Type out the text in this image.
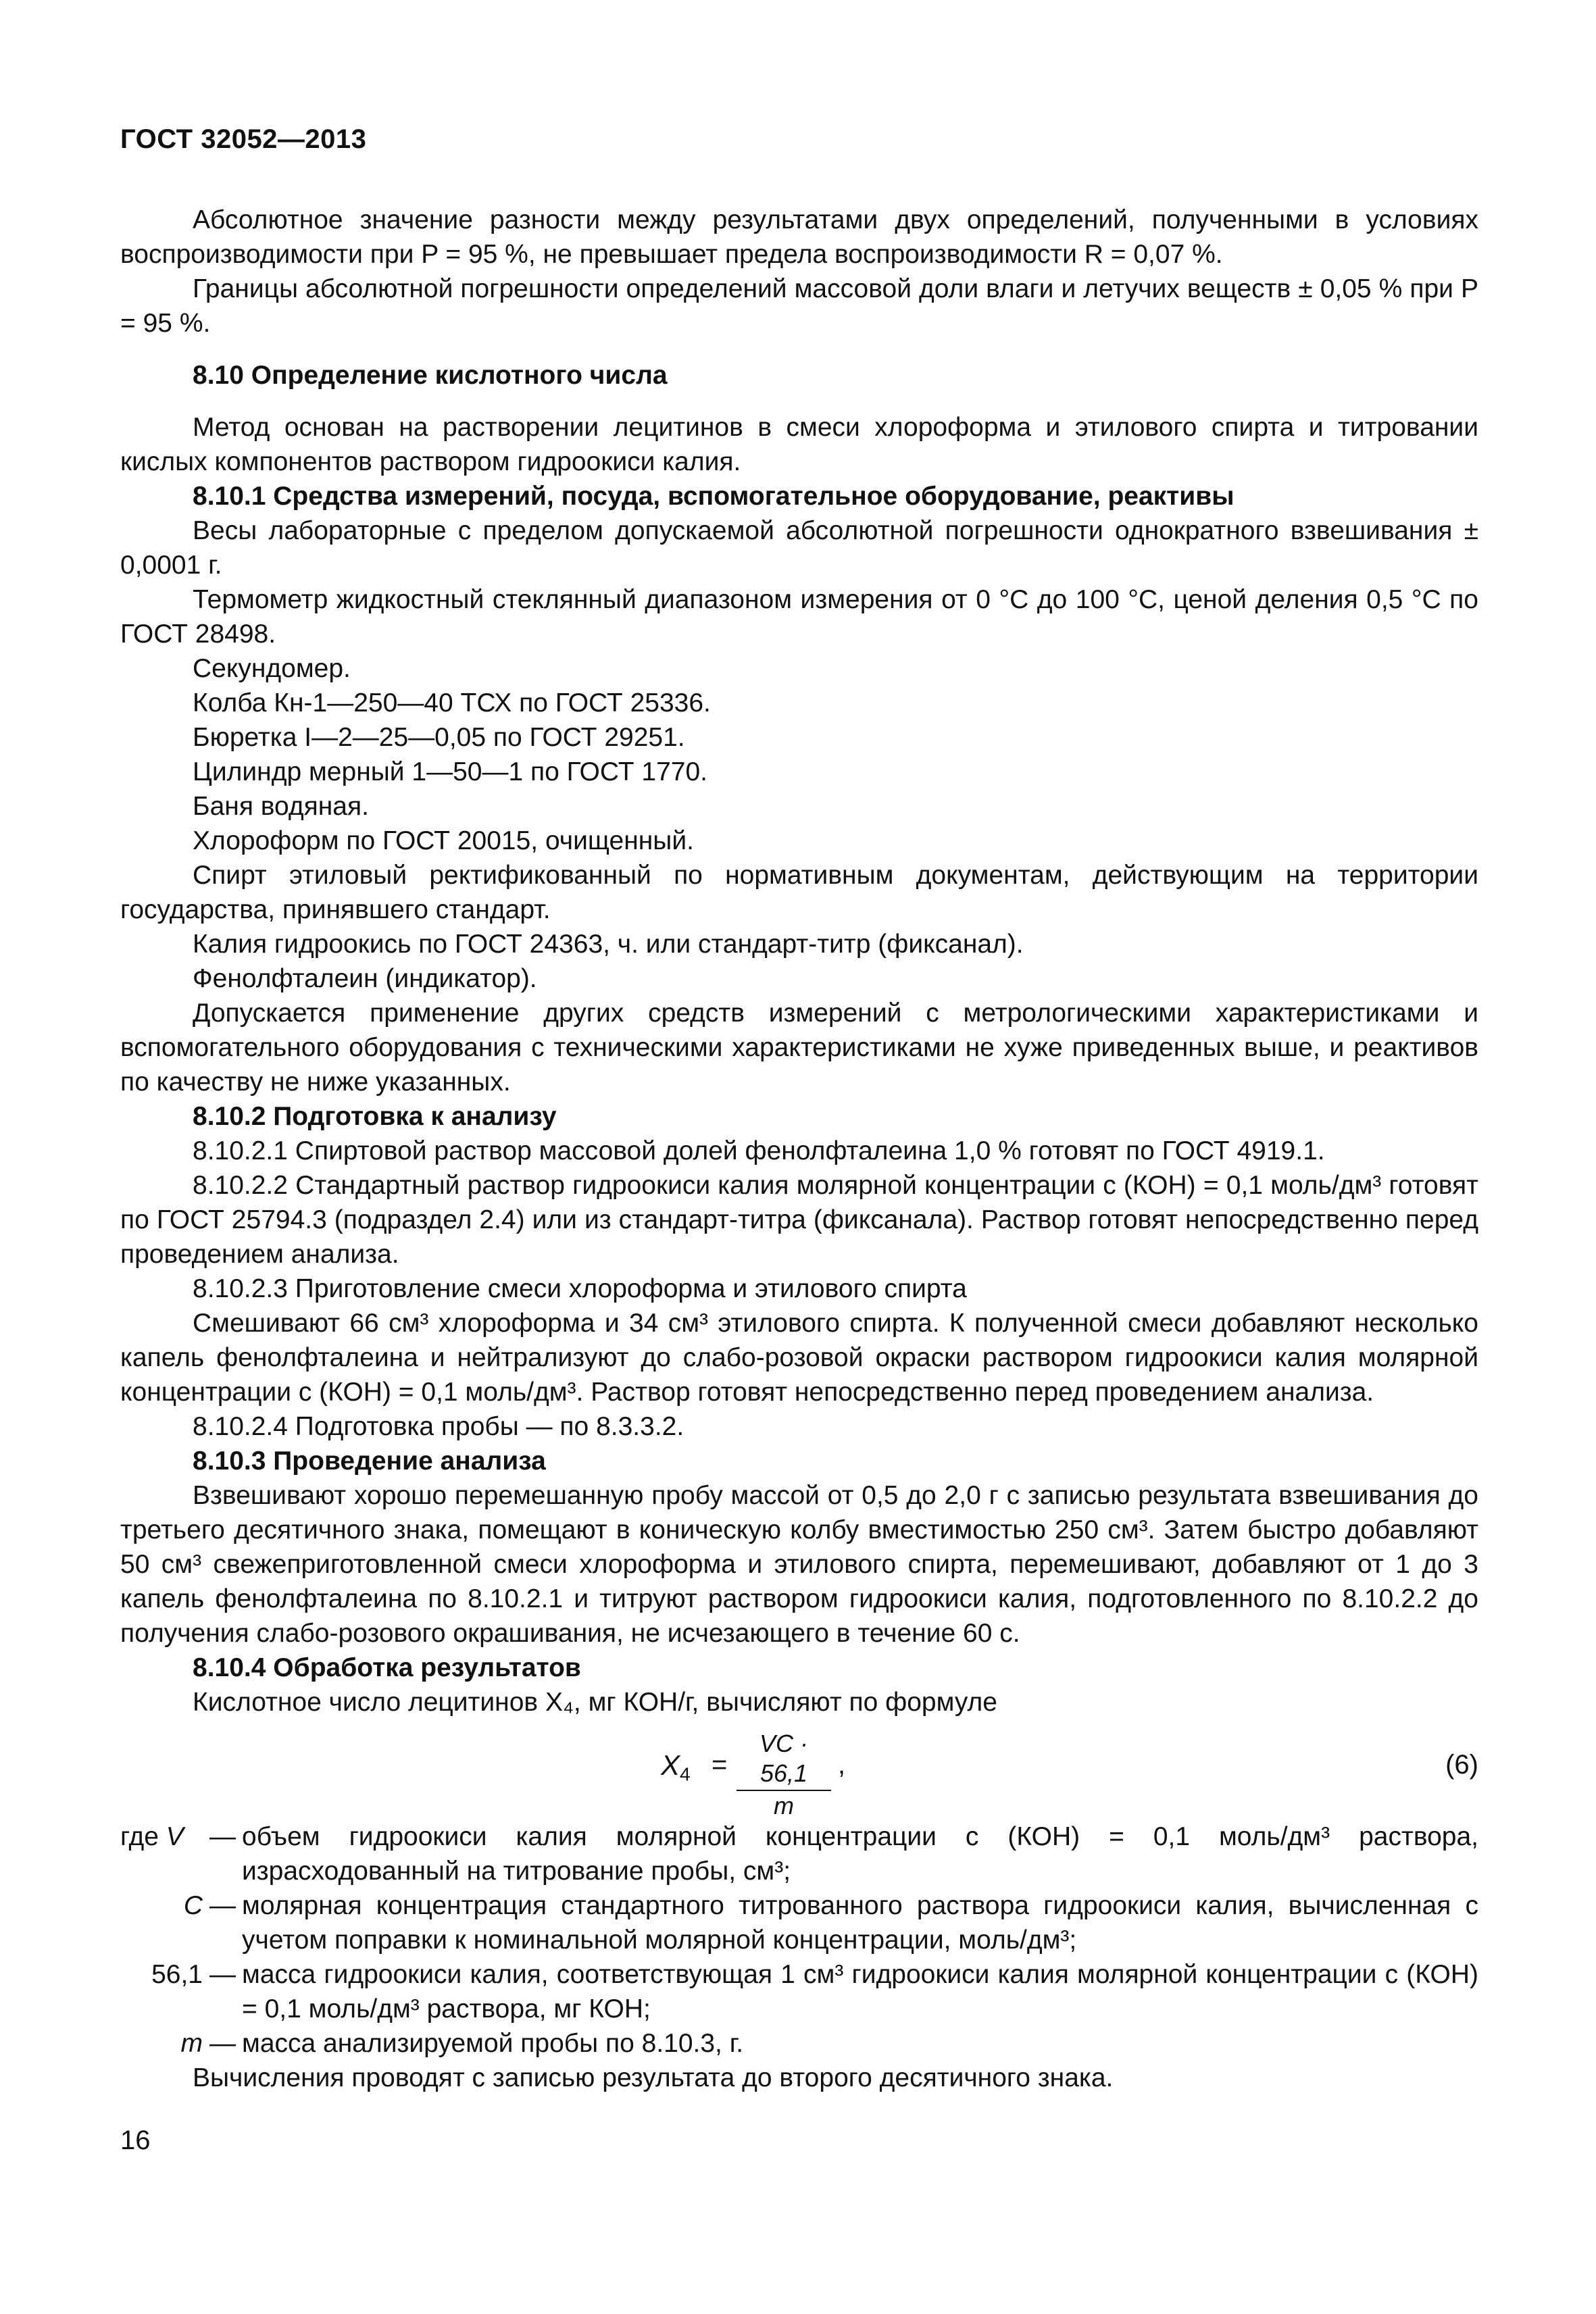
ГОСТ 32052—2013

Абсолютное значение разности между результатами двух определений, полученными в условиях воспроизводимости при P = 95 %, не превышает предела воспроизводимости R = 0,07 %.

Границы абсолютной погрешности определений массовой доли влаги и летучих веществ ± 0,05 % при P = 95 %.

8.10 Определение кислотного числа

Метод основан на растворении лецитинов в смеси хлороформа и этилового спирта и титровании кислых компонентов раствором гидроокиси калия.

8.10.1 Средства измерений, посуда, вспомогательное оборудование, реактивы

Весы лабораторные с пределом допускаемой абсолютной погрешности однократного взвешивания ± 0,0001 г.

Термометр жидкостный стеклянный диапазоном измерения от 0 °С до 100 °С, ценой деления 0,5 °С по ГОСТ 28498.

Секундомер.

Колба Кн-1—250—40 ТСХ по ГОСТ 25336.

Бюретка I—2—25—0,05 по ГОСТ 29251.

Цилиндр мерный 1—50—1 по ГОСТ 1770.

Баня водяная.

Хлороформ по ГОСТ 20015, очищенный.

Спирт этиловый ректификованный по нормативным документам, действующим на территории государства, принявшего стандарт.

Калия гидроокись по ГОСТ 24363, ч. или стандарт-титр (фиксанал).

Фенолфталеин (индикатор).

Допускается применение других средств измерений с метрологическими характеристиками и вспомогательного оборудования с техническими характеристиками не хуже приведенных выше, и реактивов по качеству не ниже указанных.

8.10.2 Подготовка к анализу

8.10.2.1 Спиртовой раствор массовой долей фенолфталеина 1,0 % готовят по ГОСТ 4919.1.

8.10.2.2 Стандартный раствор гидроокиси калия молярной концентрации c (КОН) = 0,1 моль/дм³ готовят по ГОСТ 25794.3 (подраздел 2.4) или из стандарт-титра (фиксанала). Раствор готовят непосредственно перед проведением анализа.

8.10.2.3 Приготовление смеси хлороформа и этилового спирта

Смешивают 66 см³ хлороформа и 34 см³ этилового спирта. К полученной смеси добавляют несколько капель фенолфталеина и нейтрализуют до слабо-розовой окраски раствором гидроокиси калия молярной концентрации c (КОН) = 0,1 моль/дм³. Раствор готовят непосредственно перед проведением анализа.

8.10.2.4 Подготовка пробы — по 8.3.3.2.

8.10.3 Проведение анализа

Взвешивают хорошо перемешанную пробу массой от 0,5 до 2,0 г с записью результата взвешивания до третьего десятичного знака, помещают в коническую колбу вместимостью 250 см³. Затем быстро добавляют 50 см³ свежеприготовленной смеси хлороформа и этилового спирта, перемешивают, добавляют от 1 до 3 капель фенолфталеина по 8.10.2.1 и титруют раствором гидроокиси калия, подготовленного по 8.10.2.2 до получения слабо-розового окрашивания, не исчезающего в течение 60 с.

8.10.4 Обработка результатов

Кислотное число лецитинов X₄, мг КОН/г, вычисляют по формуле

$X_4 = \frac{VC \cdot 56,1}{m}$ ,	(6)
где V — объем гидроокиси калия молярной концентрации c (КОН) = 0,1 моль/дм³ раствора, израсходованный на титрование пробы, см³;
C — молярная концентрация стандартного титрованного раствора гидроокиси калия, вычисленная с учетом поправки к номинальной молярной концентрации, моль/дм³;
56,1 — масса гидроокиси калия, соответствующая 1 см³ гидроокиси калия молярной концентрации c (КОН) = 0,1 моль/дм³ раствора, мг КОН;
m — масса анализируемой пробы по 8.10.3, г.

Вычисления проводят с записью результата до второго десятичного знака.

16
